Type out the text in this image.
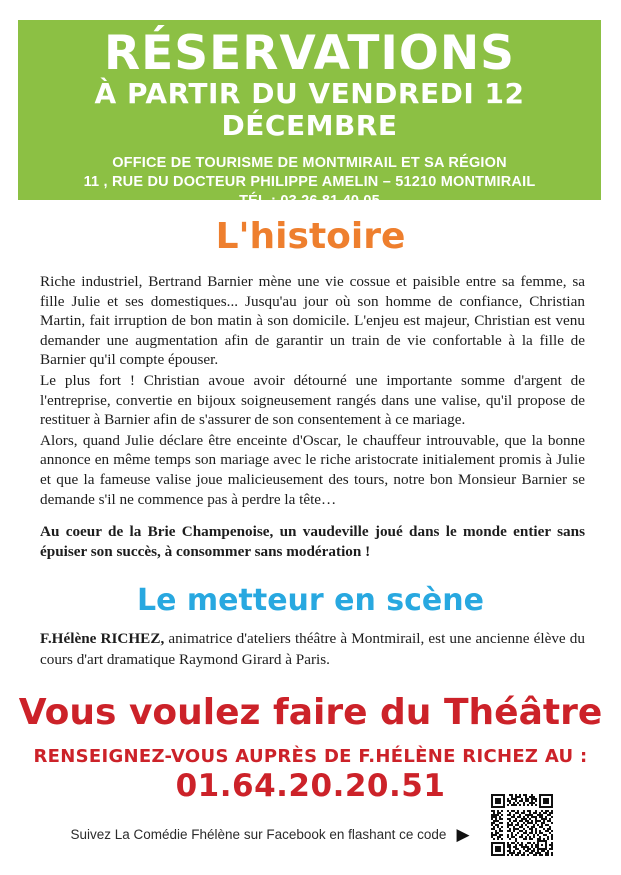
RÉSERVATIONS
À PARTIR DU VENDREDI 12 DÉCEMBRE
OFFICE DE TOURISME DE MONTMIRAIL ET SA RÉGION
11 , RUE DU DOCTEUR PHILIPPE AMELIN – 51210 MONTMIRAIL
TÉL : 03 26 81 40 05
L'histoire

Riche industriel, Bertrand Barnier mène une vie cossue et paisible entre sa femme, sa fille Julie et ses domestiques... Jusqu'au jour où son homme de confiance, Christian Martin, fait irruption de bon matin à son domicile. L'enjeu est majeur, Christian est venu demander une augmentation afin de garantir un train de vie confortable à la fille de Barnier qu'il compte épouser.

Le plus fort ! Christian avoue avoir détourné une importante somme d'argent de l'entreprise, convertie en bijoux soigneusement rangés dans une valise, qu'il propose de restituer à Barnier afin de s'assurer de son consentement à ce mariage.

Alors, quand Julie déclare être enceinte d'Oscar, le chauffeur introuvable, que la bonne annonce en même temps son mariage avec le riche aristocrate initialement promis à Julie et que la fameuse valise joue malicieusement des tours, notre bon Monsieur Barnier se demande s'il ne commence pas à perdre la tête…

Au coeur de la Brie Champenoise, un vaudeville joué dans le monde entier sans épuiser son succès, à consommer sans modération !

Le metteur en scène
F.Hélène RICHEZ, animatrice d'ateliers théâtre à Montmirail, est une ancienne élève du cours d'art dramatique Raymond Girard à Paris.
Vous voulez faire du Théâtre
RENSEIGNEZ-VOUS AUPRÈS DE F.HÉLÈNE RICHEZ AU :
01.64.20.20.51
Suivez La Comédie Fhélène sur Facebook en flashant ce code ▶
